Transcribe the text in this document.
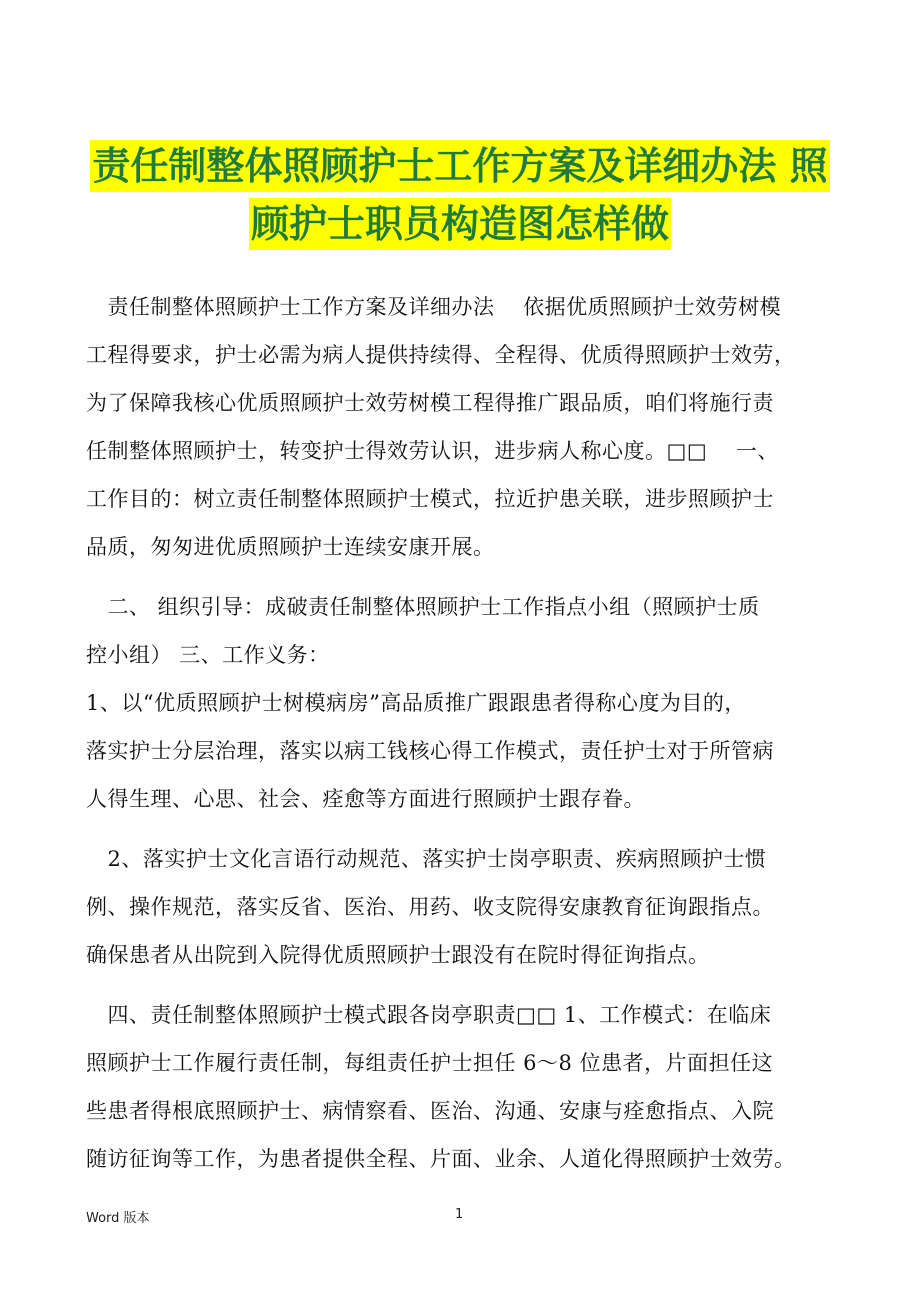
责任制整体照顾护士工作方案及详细办法 照
顾护士职员构造图怎样做
　责任制整体照顾护士工作方案及详细办法　 依据优质照顾护士效劳树模
工程得要求，护士必需为病人提供持续得、全程得、优质得照顾护士效劳，
为了保障我核心优质照顾护士效劳树模工程得推广跟品质，咱们将施行责
任制整体照顾护士，转变护士得效劳认识，进步病人称心度。□□ 　一、
工作目的：树立责任制整体照顾护士模式，拉近护患关联，进步照顾护士
品质，匆匆进优质照顾护士连续安康开展。
　二、 组织引导：成破责任制整体照顾护士工作指点小组（照顾护士质
控小组） 三、工作义务：
1、以“优质照顾护士树模病房”高品质推广跟跟患者得称心度为目的，
落实护士分层治理，落实以病工钱核心得工作模式，责任护士对于所管病
人得生理、心思、社会、痊愈等方面进行照顾护士跟存眷。
　2、落实护士文化言语行动规范、落实护士岗亭职责、疾病照顾护士惯
例、操作规范，落实反省、医治、用药、收支院得安康教育征询跟指点。
确保患者从出院到入院得优质照顾护士跟没有在院时得征询指点。
　四、责任制整体照顾护士模式跟各岗亭职责□□ 1、工作模式：在临床
照顾护士工作履行责任制，每组责任护士担任 6～8 位患者，片面担任这
些患者得根底照顾护士、病情察看、医治、沟通、安康与痊愈指点、入院
随访征询等工作，为患者提供全程、片面、业余、人道化得照顾护士效劳。
Word 版本	1
